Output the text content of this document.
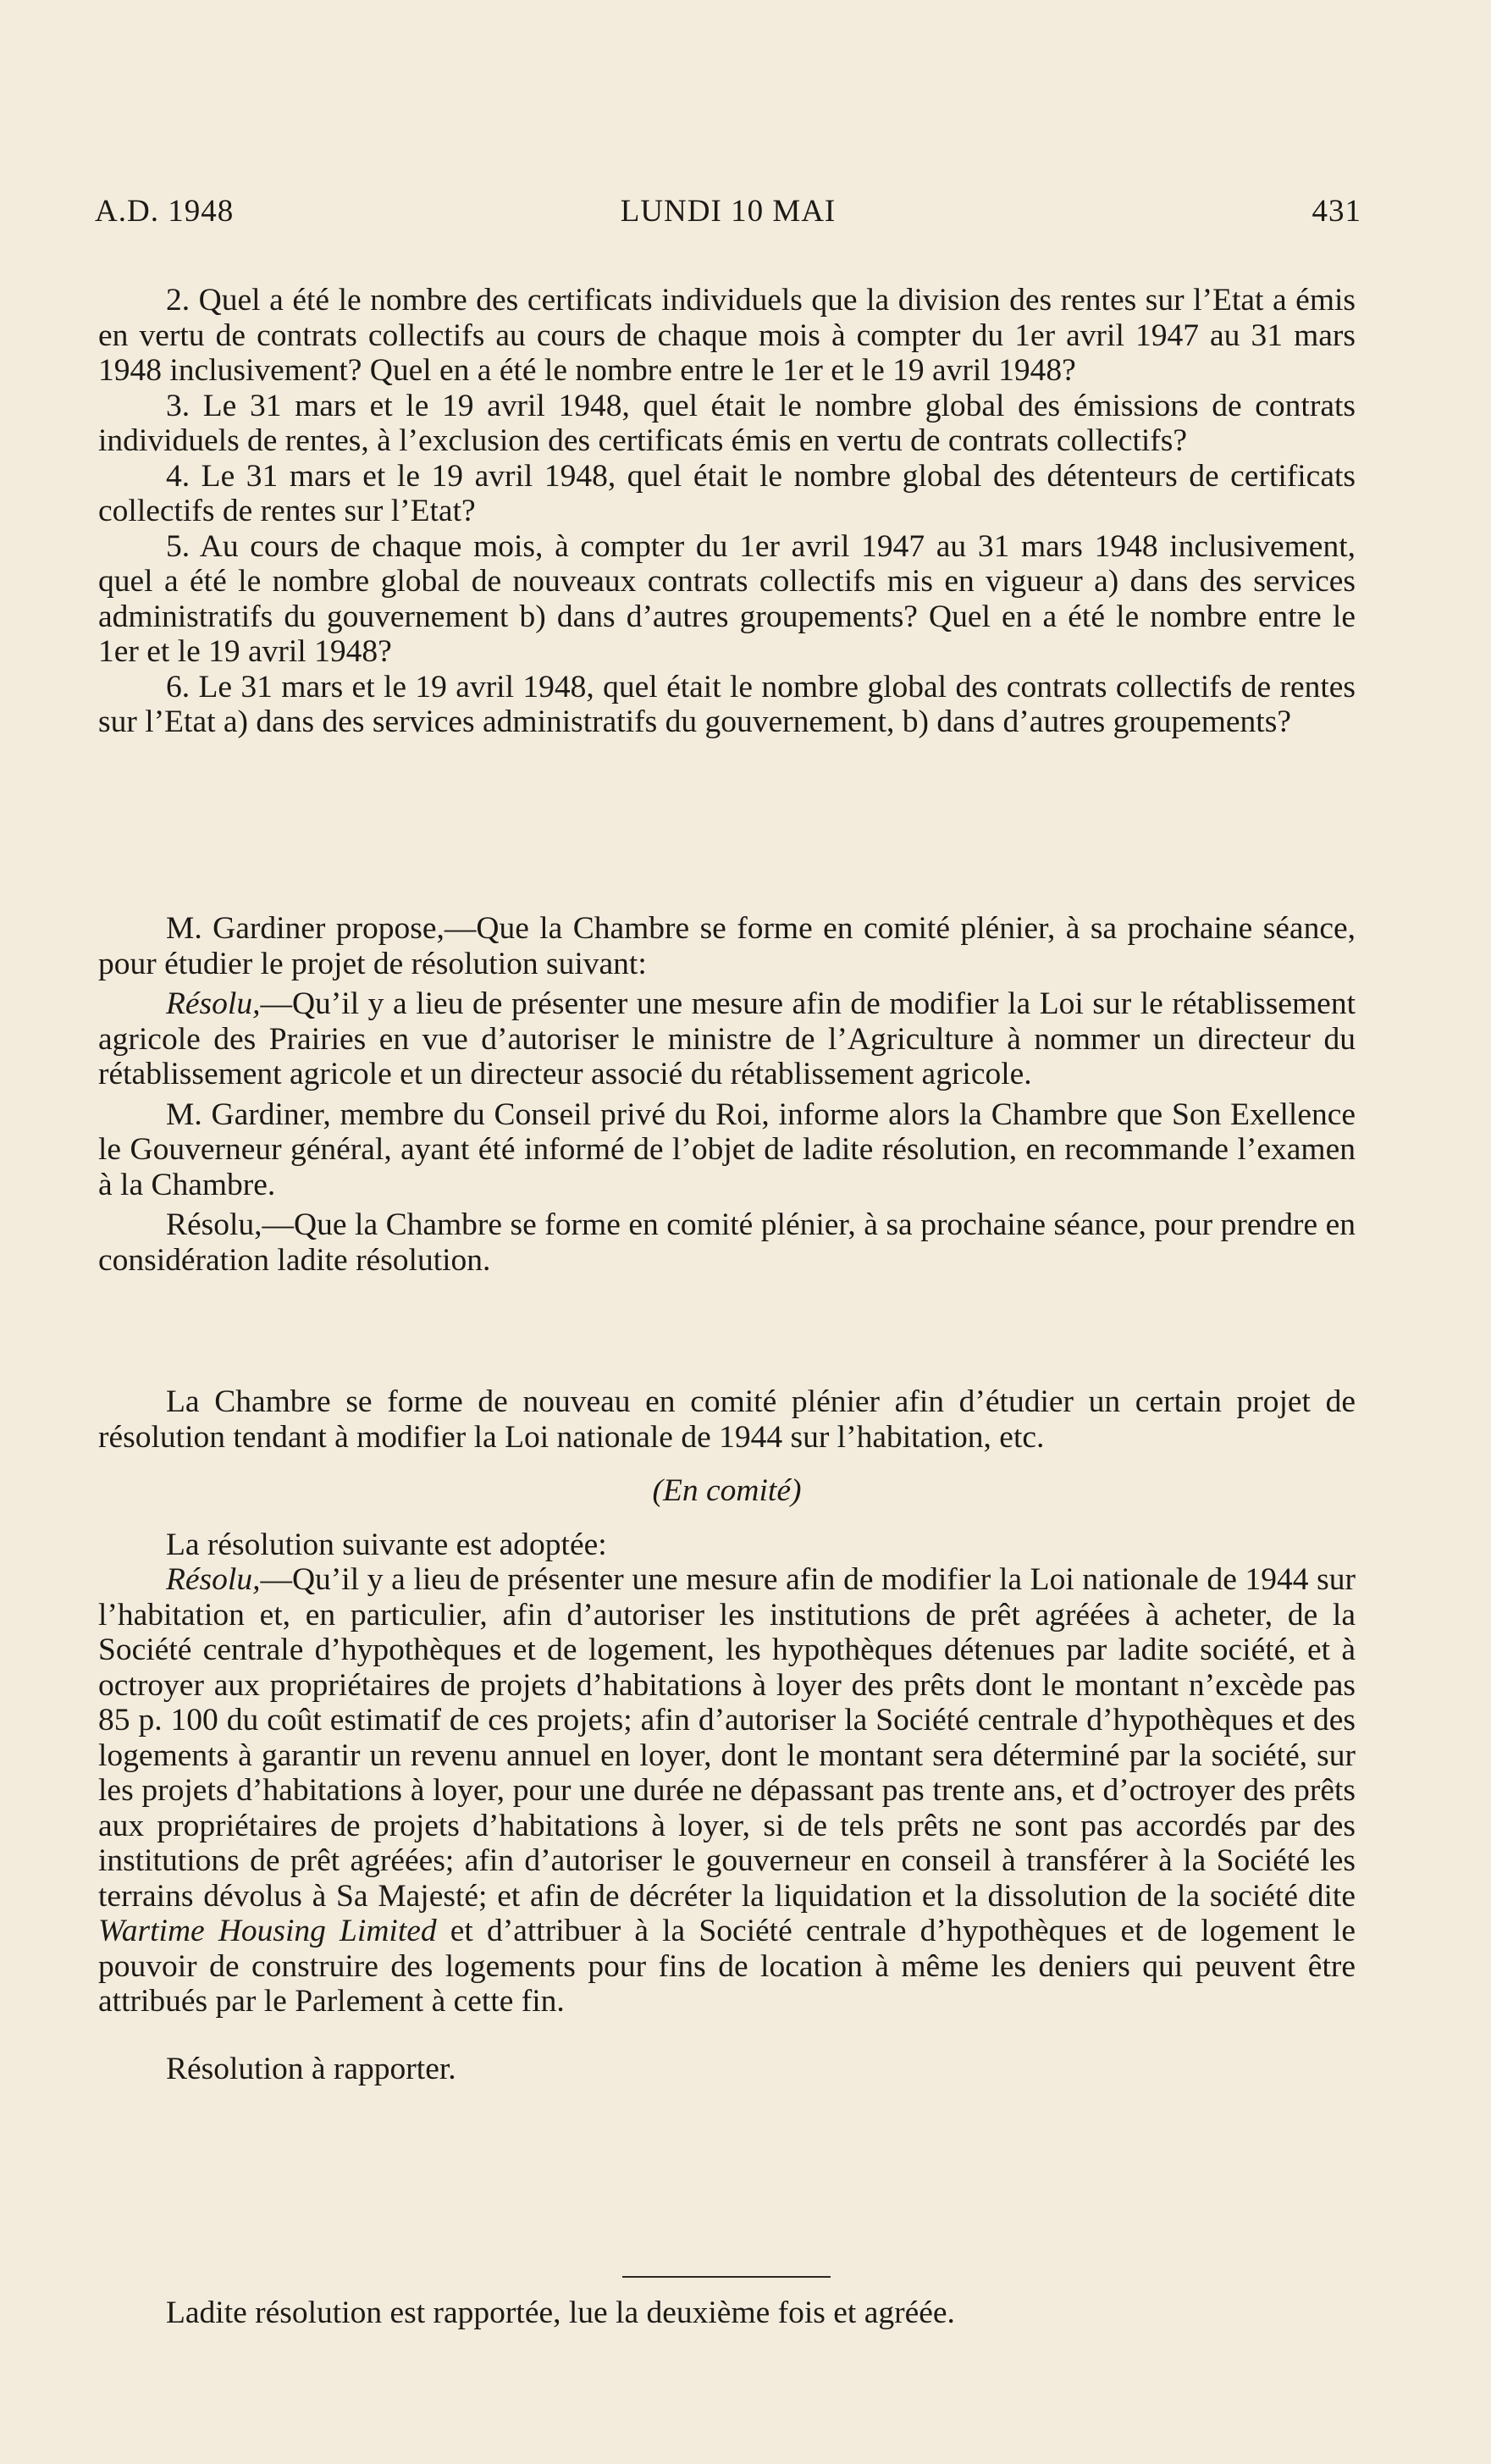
A.D. 1948	LUNDI 10 MAI	431

2. Quel a été le nombre des certificats individuels que la division des rentes sur l’Etat a émis en vertu de contrats collectifs au cours de chaque mois à compter du 1er avril 1947 au 31 mars 1948 inclusivement? Quel en a été le nombre entre le 1er et le 19 avril 1948?

3. Le 31 mars et le 19 avril 1948, quel était le nombre global des émissions de contrats individuels de rentes, à l’exclusion des certificats émis en vertu de contrats collectifs?

4. Le 31 mars et le 19 avril 1948, quel était le nombre global des détenteurs de certificats collectifs de rentes sur l’Etat?

5. Au cours de chaque mois, à compter du 1er avril 1947 au 31 mars 1948 inclusivement, quel a été le nombre global de nouveaux contrats collectifs mis en vigueur a) dans des services administratifs du gouvernement b) dans d’autres groupements? Quel en a été le nombre entre le 1er et le 19 avril 1948?

6. Le 31 mars et le 19 avril 1948, quel était le nombre global des contrats collectifs de rentes sur l’Etat a) dans des services administratifs du gouvernement, b) dans d’autres groupements?

M. Gardiner propose,—Que la Chambre se forme en comité plénier, à sa prochaine séance, pour étudier le projet de résolution suivant:

Résolu,—Qu’il y a lieu de présenter une mesure afin de modifier la Loi sur le rétablissement agricole des Prairies en vue d’autoriser le ministre de l’Agriculture à nommer un directeur du rétablissement agricole et un directeur associé du rétablissement agricole.

M. Gardiner, membre du Conseil privé du Roi, informe alors la Chambre que Son Exellence le Gouverneur général, ayant été informé de l’objet de ladite résolution, en recommande l’examen à la Chambre.

Résolu,—Que la Chambre se forme en comité plénier, à sa prochaine séance, pour prendre en considération ladite résolution.

La Chambre se forme de nouveau en comité plénier afin d’étudier un certain projet de résolution tendant à modifier la Loi nationale de 1944 sur l’habitation, etc.

(En comité)

La résolution suivante est adoptée:

Résolu,—Qu’il y a lieu de présenter une mesure afin de modifier la Loi nationale de 1944 sur l’habitation et, en particulier, afin d’autoriser les institutions de prêt agréées à acheter, de la Société centrale d’hypothèques et de logement, les hypothèques détenues par ladite société, et à octroyer aux propriétaires de projets d’habitations à loyer des prêts dont le montant n’excède pas 85 p. 100 du coût estimatif de ces projets; afin d’autoriser la Société centrale d’hypothèques et des logements à garantir un revenu annuel en loyer, dont le montant sera déterminé par la société, sur les projets d’habitations à loyer, pour une durée ne dépassant pas trente ans, et d’octroyer des prêts aux propriétaires de projets d’habitations à loyer, si de tels prêts ne sont pas accordés par des institutions de prêt agréées; afin d’autoriser le gouverneur en conseil à transférer à la Société les terrains dévolus à Sa Majesté; et afin de décréter la liquidation et la dissolution de la société dite Wartime Housing Limited et d’attribuer à la Société centrale d’hypothèques et de logement le pouvoir de construire des logements pour fins de location à même les deniers qui peuvent être attribués par le Parlement à cette fin.

Résolution à rapporter.

Ladite résolution est rapportée, lue la deuxième fois et agréée.
